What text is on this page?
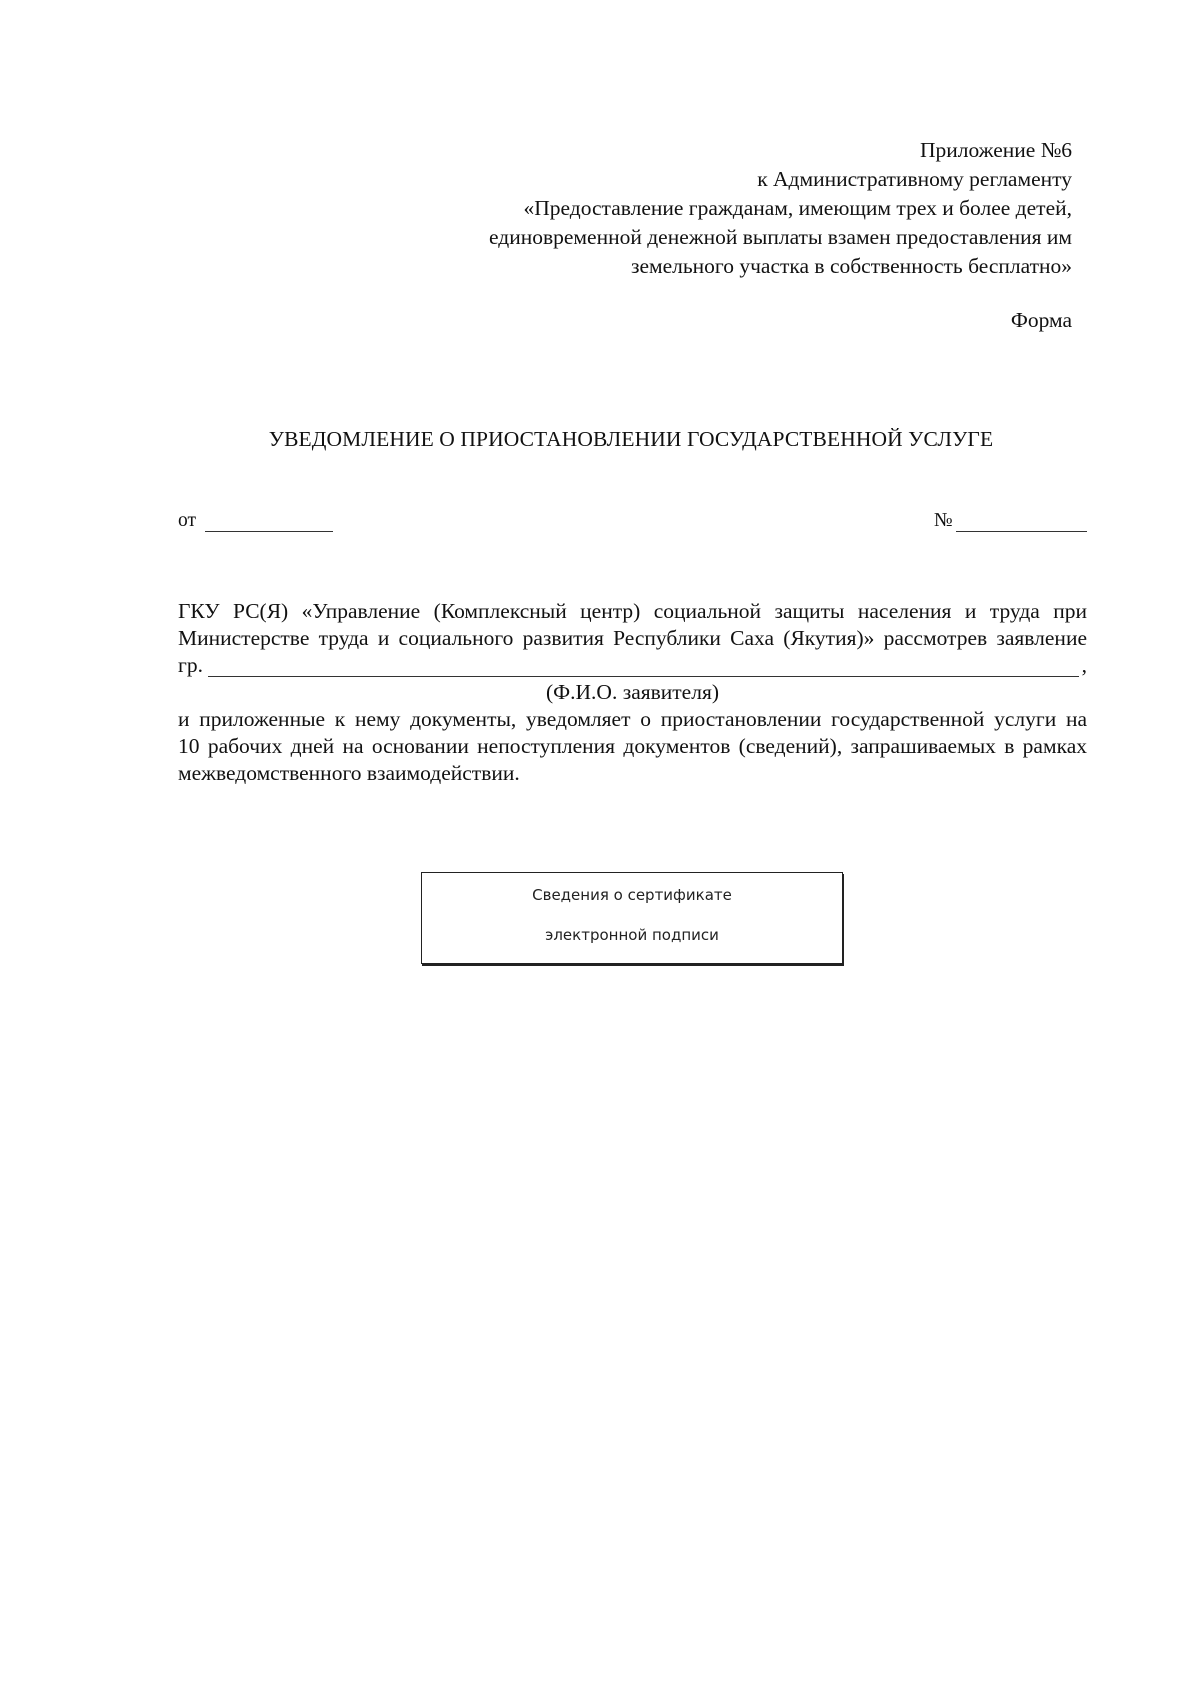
Приложение №6
к Административному регламенту
«Предоставление гражданам, имеющим трех и более детей,
единовременной денежной выплаты взамен предоставления им
земельного участка в собственность бесплатно»
Форма
УВЕДОМЛЕНИЕ О ПРИОСТАНОВЛЕНИИ ГОСУДАРСТВЕННОЙ УСЛУГЕ
от	№
ГКУ РС(Я) «Управление (Комплексный центр) социальной защиты населения и труда при
Министерстве труда и социального развития Республики Саха (Якутия)» рассмотрев заявление
гр.	,
(Ф.И.О. заявителя)
и приложенные к нему документы, уведомляет о приостановлении государственной услуги на
10 рабочих дней на основании непоступления документов (сведений), запрашиваемых в рамках
межведомственного взаимодействии.
Сведения о сертификате
электронной подписи
